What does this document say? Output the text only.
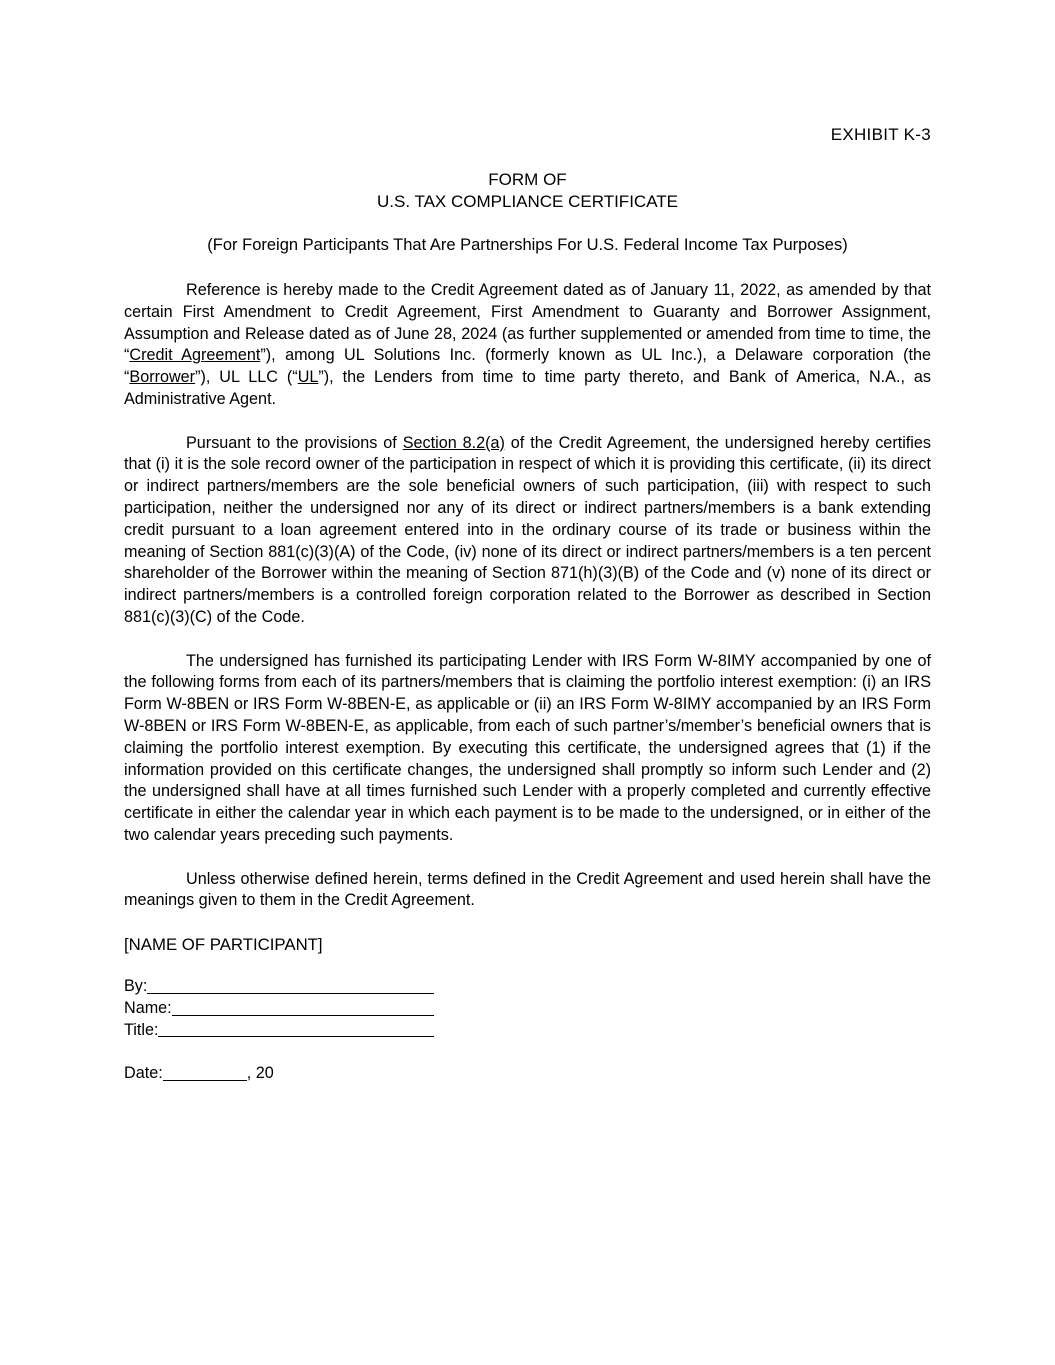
EXHIBIT K-3
FORM OF
U.S. TAX COMPLIANCE CERTIFICATE
(For Foreign Participants That Are Partnerships For U.S. Federal Income Tax Purposes)

Reference is hereby made to the Credit Agreement dated as of January 11, 2022, as amended by that certain First Amendment to Credit Agreement, First Amendment to Guaranty and Borrower Assignment, Assumption and Release dated as of June 28, 2024 (as further supplemented or amended from time to time, the “Credit Agreement”), among UL Solutions Inc. (formerly known as UL Inc.), a Delaware corporation (the “Borrower”), UL LLC (“UL”), the Lenders from time to time party thereto, and Bank of America, N.A., as Administrative Agent.

Pursuant to the provisions of Section 8.2(a) of the Credit Agreement, the undersigned hereby certifies that (i) it is the sole record owner of the participation in respect of which it is providing this certificate, (ii) its direct or indirect partners/members are the sole beneficial owners of such participation, (iii) with respect to such participation, neither the undersigned nor any of its direct or indirect partners/members is a bank extending credit pursuant to a loan agreement entered into in the ordinary course of its trade or business within the meaning of Section 881(c)(3)(A) of the Code, (iv) none of its direct or indirect partners/members is a ten percent shareholder of the Borrower within the meaning of Section 871(h)(3)(B) of the Code and (v) none of its direct or indirect partners/members is a controlled foreign corporation related to the Borrower as described in Section 881(c)(3)(C) of the Code.

The undersigned has furnished its participating Lender with IRS Form W-8IMY accompanied by one of the following forms from each of its partners/members that is claiming the portfolio interest exemption: (i) an IRS Form W-8BEN or IRS Form W-8BEN-E, as applicable or (ii) an IRS Form W-8IMY accompanied by an IRS Form W-8BEN or IRS Form W-8BEN-E, as applicable, from each of such partner’s/member’s beneficial owners that is claiming the portfolio interest exemption. By executing this certificate, the undersigned agrees that (1) if the information provided on this certificate changes, the undersigned shall promptly so inform such Lender and (2) the undersigned shall have at all times furnished such Lender with a properly completed and currently effective certificate in either the calendar year in which each payment is to be made to the undersigned, or in either of the two calendar years preceding such payments.

Unless otherwise defined herein, terms defined in the Credit Agreement and used herein shall have the meanings given to them in the Credit Agreement.

[NAME OF PARTICIPANT]
By:
Name:
Title:
Date:	, 20
